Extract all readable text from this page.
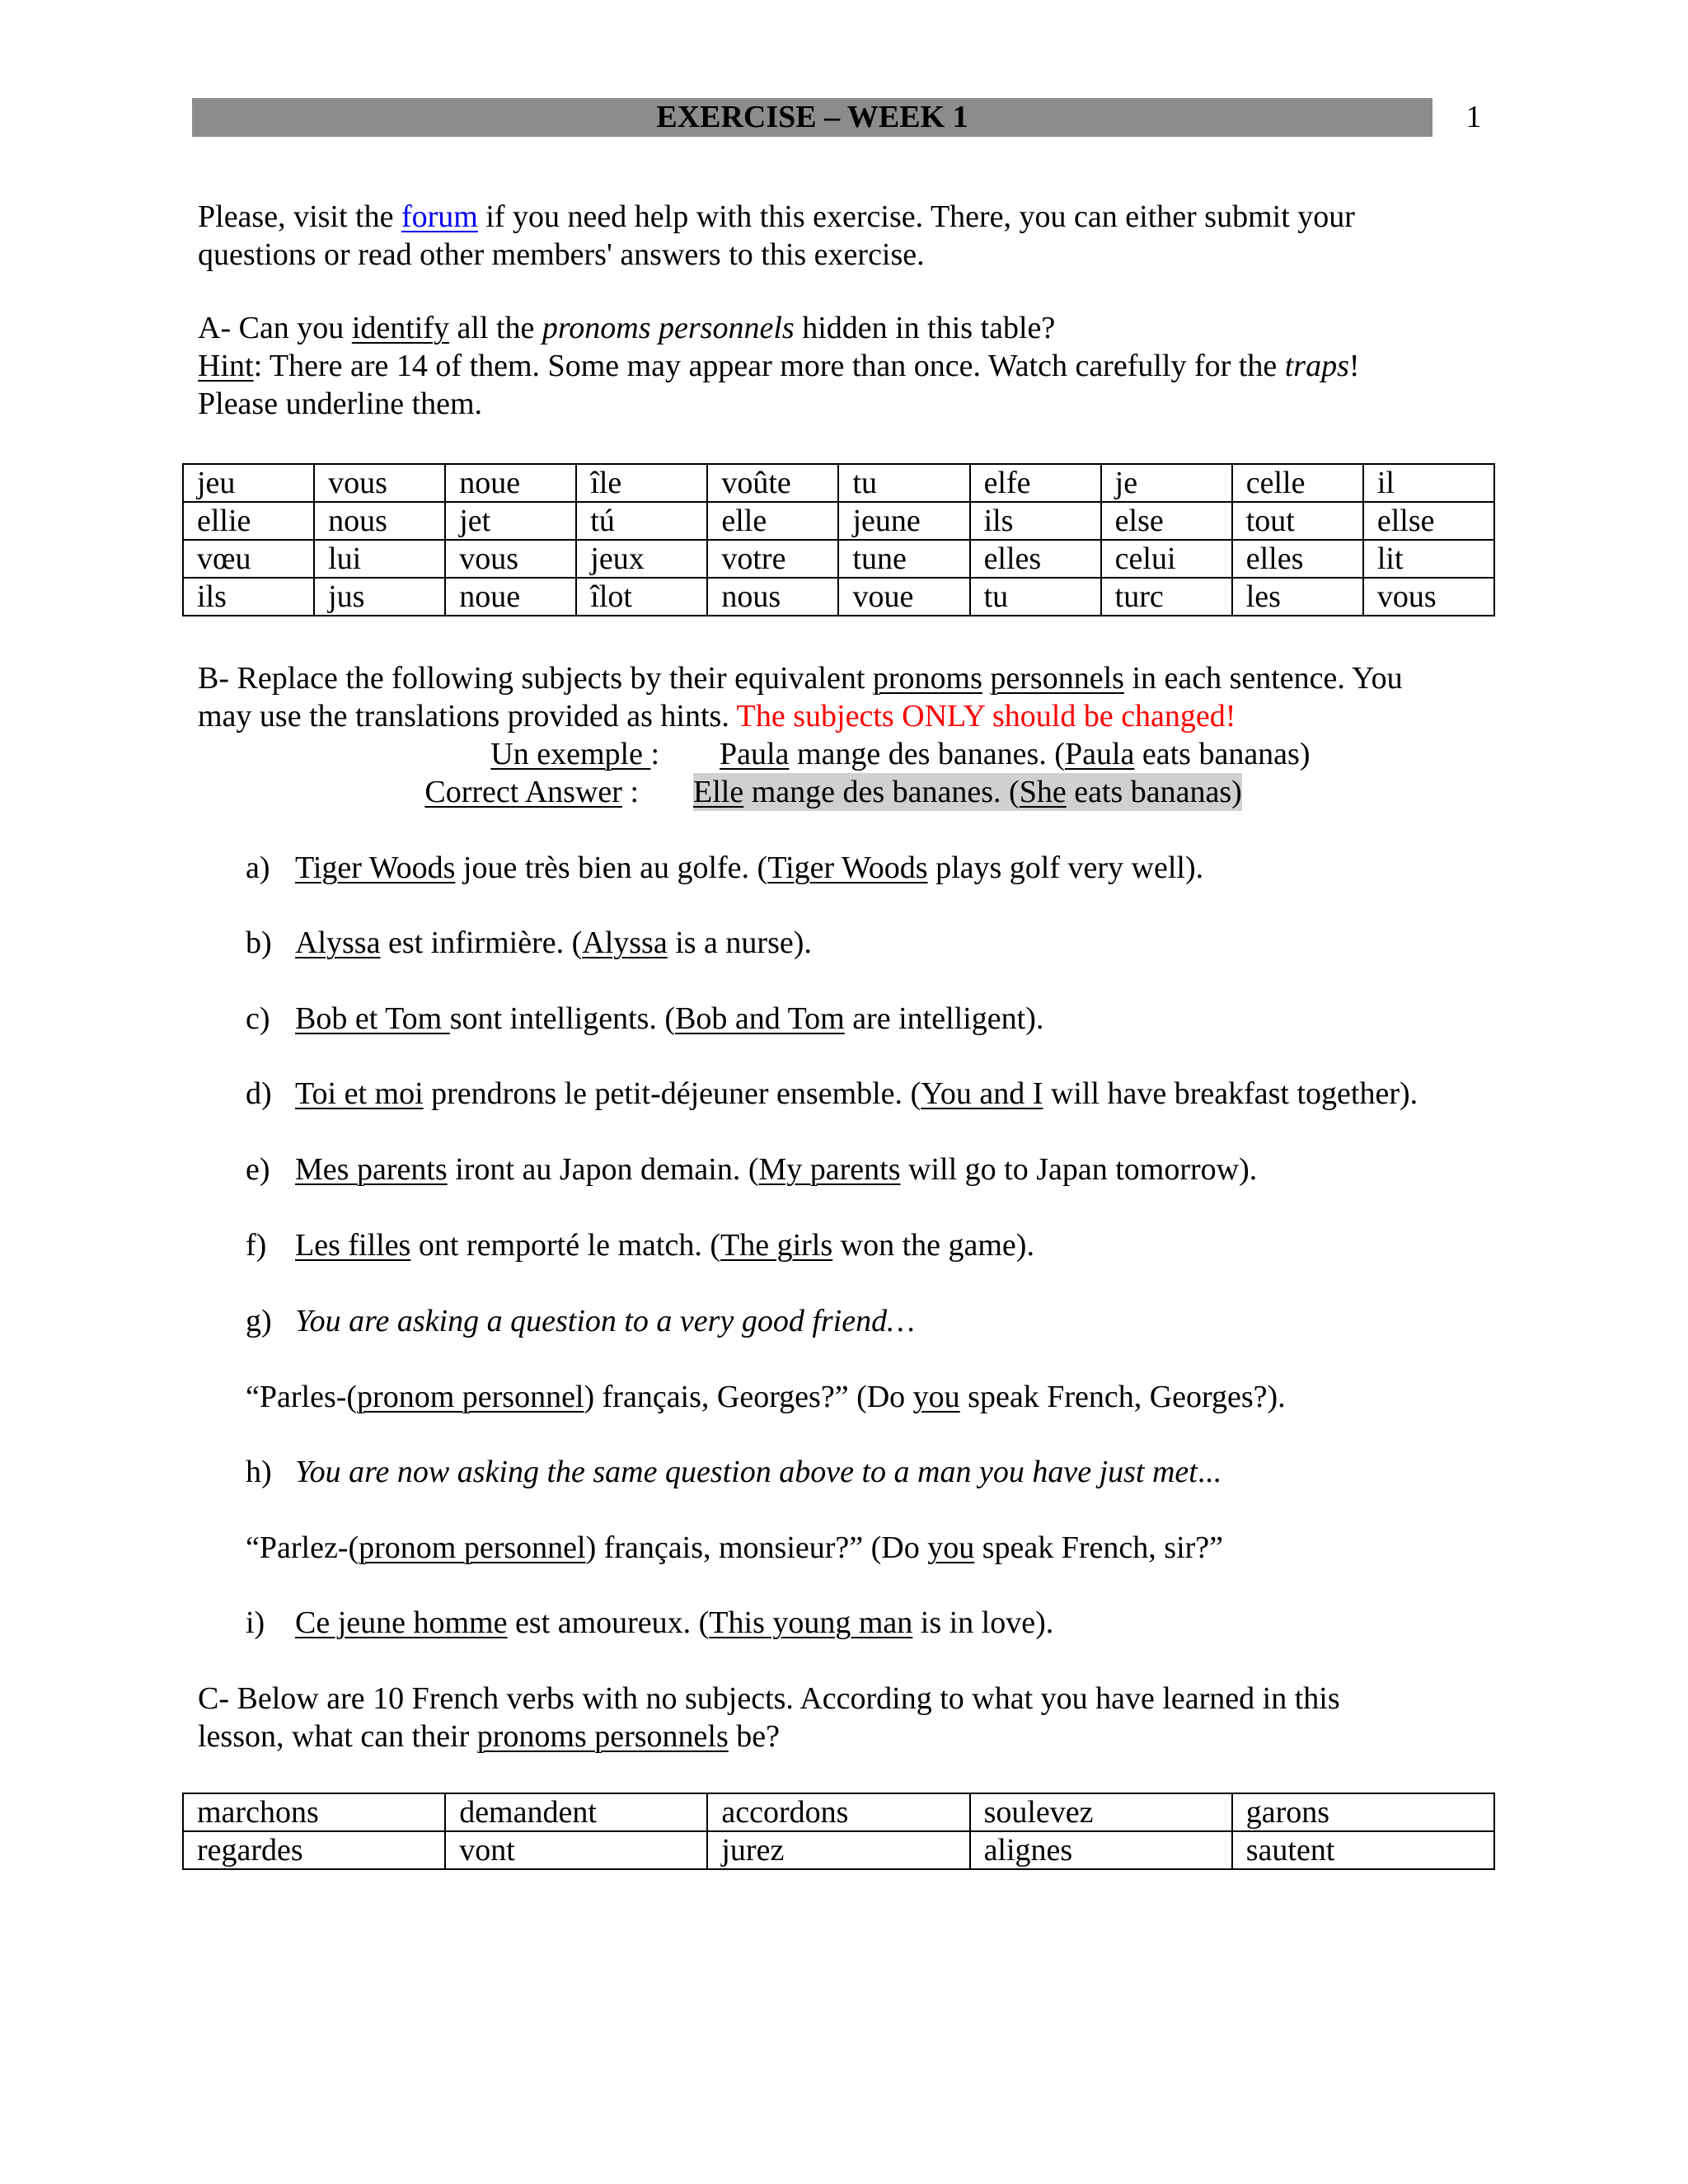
EXERCISE – WEEK 1	1
Please, visit the forum if you need help with this exercise. There, you can either submit your
questions or read other members' answers to this exercise.
A- Can you identify all the pronoms personnels hidden in this table?
Hint: There are 14 of them. Some may appear more than once. Watch carefully for the traps!
Please underline them.
jeu	vous	noue	île	voûte	tu	elfe	je	celle	il
ellie	nous	jet	tú	elle	jeune	ils	else	tout	ellse
vœu	lui	vous	jeux	votre	tune	elles	celui	elles	lit
ils	jus	noue	îlot	nous	voue	tu	turc	les	vous
B- Replace the following subjects by their equivalent pronoms personnels in each sentence. You
may use the translations provided as hints. The subjects ONLY should be changed!
Un exemple : Paula mange des bananes. (Paula eats bananas)
Correct Answer : Elle mange des bananes. (She eats bananas)
a) Tiger Woods joue très bien au golfe. (Tiger Woods plays golf very well).
b) Alyssa est infirmière. (Alyssa is a nurse).
c) Bob et Tom sont intelligents. (Bob and Tom are intelligent).
d) Toi et moi prendrons le petit-déjeuner ensemble. (You and I will have breakfast together).
e) Mes parents iront au Japon demain. (My parents will go to Japan tomorrow).
f) Les filles ont remporté le match. (The girls won the game).
g) You are asking a question to a very good friend…
“Parles-(pronom personnel) français, Georges?” (Do you speak French, Georges?).
h) You are now asking the same question above to a man you have just met...
“Parlez-(pronom personnel) français, monsieur?” (Do you speak French, sir?”
i) Ce jeune homme est amoureux. (This young man is in love).
C- Below are 10 French verbs with no subjects. According to what you have learned in this
lesson, what can their pronoms personnels be?
marchons	demandent	accordons	soulevez	garons
regardes	vont	jurez	alignes	sautent
